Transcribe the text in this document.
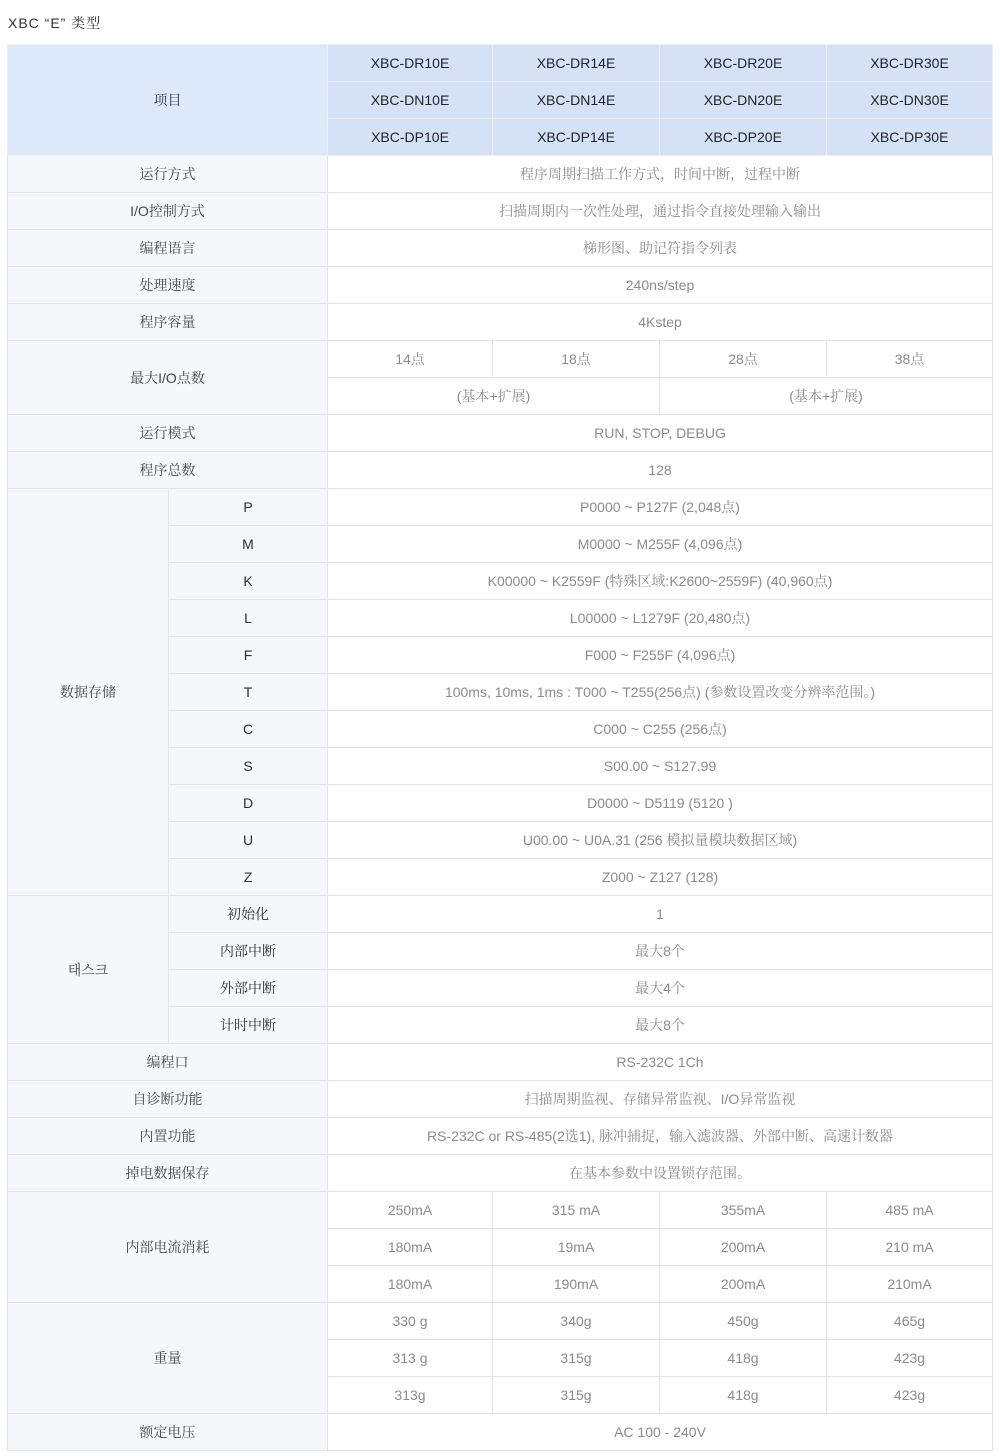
XBC “E” 类型
项目		XBC-DR10E	XBC-DR14E	XBC-DR20E	XBC-DR30E
		XBC-DN10E	XBC-DN14E	XBC-DN20E	XBC-DN30E
		XBC-DP10E	XBC-DP14E	XBC-DP20E	XBC-DP30E
运行方式		程序周期扫描工作方式，时间中断，过程中断			
I/O控制方式		扫描周期内一次性处理，通过指令直接处理输入输出			
编程语言		梯形图、助记符指令列表			
处理速度		240ns/step			
程序容量		4Kstep			
最大I/O点数		14点	18点	28点	38点
		(基本+扩展)		(基本+扩展)	
运行模式		RUN, STOP, DEBUG			
程序总数		128			
数据存储	P	P0000 ~ P127F (2,048点)			
	M	M0000 ~ M255F (4,096点)			
	K	K00000 ~ K2559F (特殊区域:K2600~2559F) (40,960点)			
	L	L00000 ~ L1279F (20,480点)			
	F	F000 ~ F255F (4,096点)			
	T	100ms, 10ms, 1ms : T000 ~ T255(256点) (参数设置改变分辨率范围。)			
	C	C000 ~ C255 (256点)			
	S	S00.00 ~ S127.99			
	D	D0000 ~ D5119 (5120 )			
	U	U00.00 ~ U0A.31 (256 模拟量模块数据区域)			
	Z	Z000 ~ Z127 (128)			
태스크	初始化	1			
	内部中断	最大8个			
	外部中断	最大4个			
	计时中断	最大8个			
编程口		RS-232C 1Ch			
自诊断功能		扫描周期监视、存储异常监视、I/O异常监视			
内置功能		RS-232C or RS-485(2选1), 脉冲捕捉，输入滤波器、外部中断、高速计数器			
掉电数据保存		在基本参数中设置锁存范围。			
内部电流消耗		250mA	315 mA	355mA	485 mA
		180mA	19mA	200mA	210 mA
		180mA	190mA	200mA	210mA
重量		330 g	340g	450g	465g
		313 g	315g	418g	423g
		313g	315g	418g	423g
额定电压		AC 100 - 240V			
